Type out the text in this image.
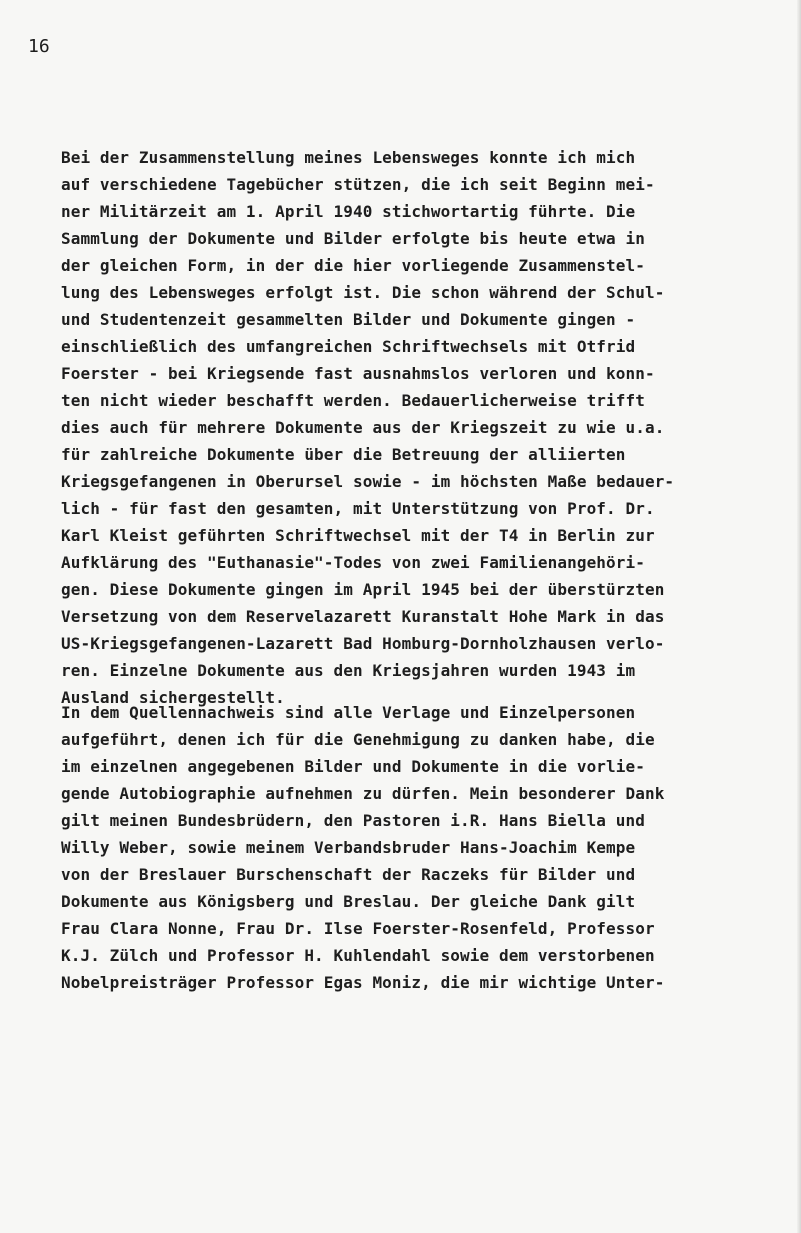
16
Bei der Zusammenstellung meines Lebensweges konnte ich mich
auf verschiedene Tagebücher stützen, die ich seit Beginn mei-
ner Militärzeit am 1. April 1940 stichwortartig führte. Die
Sammlung der Dokumente und Bilder erfolgte bis heute etwa in
der gleichen Form, in der die hier vorliegende Zusammenstel-
lung des Lebensweges erfolgt ist. Die schon während der Schul-
und Studentenzeit gesammelten Bilder und Dokumente gingen -
einschließlich des umfangreichen Schriftwechsels mit Otfrid
Foerster - bei Kriegsende fast ausnahmslos verloren und konn-
ten nicht wieder beschafft werden. Bedauerlicherweise trifft
dies auch für mehrere Dokumente aus der Kriegszeit zu wie u.a.
für zahlreiche Dokumente über die Betreuung der alliierten
Kriegsgefangenen in Oberursel sowie - im höchsten Maße bedauer-
lich - für fast den gesamten, mit Unterstützung von Prof. Dr.
Karl Kleist geführten Schriftwechsel mit der T4 in Berlin zur
Aufklärung des "Euthanasie"-Todes von zwei Familienangehöri-
gen. Diese Dokumente gingen im April 1945 bei der überstürzten
Versetzung von dem Reservelazarett Kuranstalt Hohe Mark in das
US-Kriegsgefangenen-Lazarett Bad Homburg-Dornholzhausen verlo-
ren. Einzelne Dokumente aus den Kriegsjahren wurden 1943 im
Ausland sichergestellt.
In dem Quellennachweis sind alle Verlage und Einzelpersonen
aufgeführt, denen ich für die Genehmigung zu danken habe, die
im einzelnen angegebenen Bilder und Dokumente in die vorlie-
gende Autobiographie aufnehmen zu dürfen. Mein besonderer Dank
gilt meinen Bundesbrüdern, den Pastoren i.R. Hans Biella und
Willy Weber, sowie meinem Verbandsbruder Hans-Joachim Kempe
von der Breslauer Burschenschaft der Raczeks für Bilder und
Dokumente aus Königsberg und Breslau. Der gleiche Dank gilt
Frau Clara Nonne, Frau Dr. Ilse Foerster-Rosenfeld, Professor
K.J. Zülch und Professor H. Kuhlendahl sowie dem verstorbenen
Nobelpreisträger Professor Egas Moniz, die mir wichtige Unter-
